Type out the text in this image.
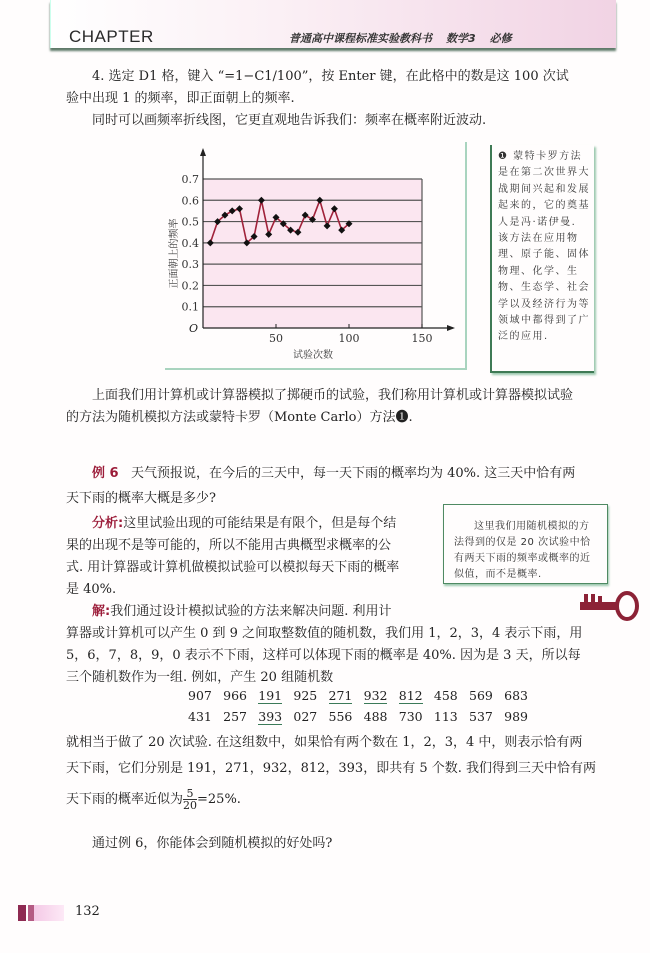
CHAPTER	普通高中课程标准实验教科书 数学3 必修

4. 选定 D1 格，键入 “=1−C1/100”，按 Enter 键，在此格中的数是这 100 次试

验中出现 1 的频率，即正面朝上的频率.

同时可以画频率折线图，它更直观地告诉我们：频率在概率附近波动.

0.1
0.2
0.3
0.4
0.5
0.6
0.7
O
50	100	150
试验次数
正面朝上的频率
❶ 蒙特卡罗方法是在第二次世界大战期间兴起和发展起来的，它的奠基人是冯·诺伊曼. 该方法在应用物理、原子能、固体物理、化学、生物、生态学、社会学以及经济行为等领域中都得到了广泛的应用.

上面我们用计算机或计算器模拟了掷硬币的试验，我们称用计算机或计算器模拟试验

的方法为随机模拟方法或蒙特卡罗（Monte Carlo）方法❶.

例 6 天气预报说，在今后的三天中，每一天下雨的概率均为 40%. 这三天中恰有两

天下雨的概率大概是多少?

分析:这里试验出现的可能结果是有限个，但是每个结

果的出现不是等可能的，所以不能用古典概型求概率的公

式. 用计算器或计算机做模拟试验可以模拟每天下雨的概率

是 40%.

这里我们用随机模拟的方法得到的仅是 20 次试验中恰有两天下雨的频率或概率的近似值，而不是概率.

解:我们通过设计模拟试验的方法来解决问题. 利用计

算器或计算机可以产生 0 到 9 之间取整数值的随机数，我们用 1，2，3，4 表示下雨，用

5，6，7，8，9，0 表示不下雨，这样可以体现下雨的概率是 40%. 因为是 3 天，所以每

三个随机数作为一组. 例如，产生 20 组随机数

907 966 191 925 271 932 812 458 569 683
431 257 393 027 556 488 730 113 537 989

就相当于做了 20 次试验. 在这组数中，如果恰有两个数在 1，2，3，4 中，则表示恰有两

天下雨，它们分别是 191，271，932，812，393，即共有 5 个数. 我们得到三天中恰有两

天下雨的概率近似为 $\frac{5}{20} =25\%$.

通过例 6，你能体会到随机模拟的好处吗?

132
